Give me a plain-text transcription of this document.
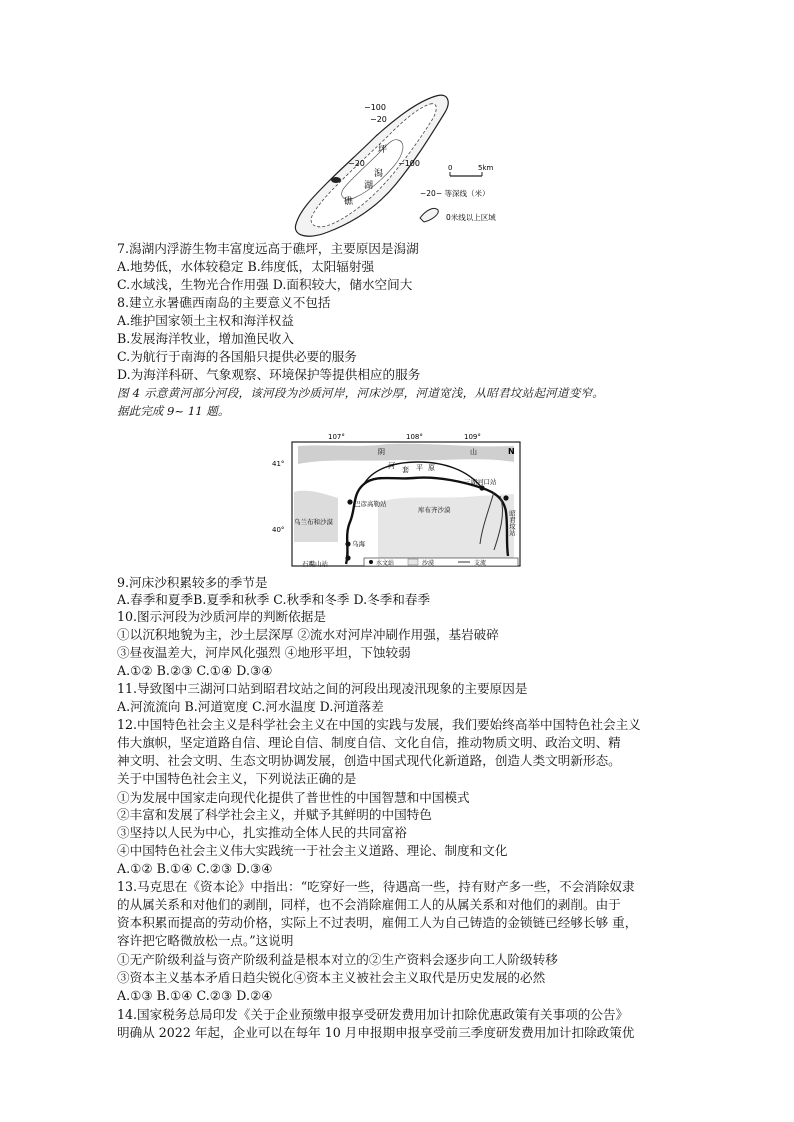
−100
−20
−100
−20
坪
潟
湖
礁
0	5km
−20− 等深线（米）
0米线以上区域
7.潟湖内浮游生物丰富度远高于礁坪，主要原因是潟湖
A.地势低，水体较稳定 B.纬度低，太阳辐射强
C.水域浅，生物光合作用强 D.面积较大，储水空间大
8.建立永暑礁西南岛的主要意义不包括
A.维护国家领土主权和海洋权益
B.发展海洋牧业，增加渔民收入
C.为航行于南海的各国船只提供必要的服务
D.为海洋科研、气象观察、环境保护等提供相应的服务
图 4 示意黄河部分河段，该河段为沙质河岸，河床沙厚，河道宽浅，从昭君坟站起河道变窄。
据此完成 9~ 11 题。
107°	108°	109°
41°
40°
阴	山
河 套 平 原
N
三湖河口站
昭君坟站
巴彦高勒站
库布齐沙漠
乌兰布和沙漠
乌海
石嘴山站	水文站	沙漠	支流
9.河床沙积累较多的季节是
A.春季和夏季B.夏季和秋季 C.秋季和冬季 D.冬季和春季
10.图示河段为沙质河岸的判断依据是
①以沉积地貌为主，沙土层深厚 ②流水对河岸冲刷作用强，基岩破碎
③昼夜温差大，河岸风化强烈 ④地形平坦，下蚀较弱
A.①② B.②③ C.①④ D.③④
11.导致图中三湖河口站到昭君坟站之间的河段出现凌汛现象的主要原因是
A.河流流向 B.河道宽度 C.河水温度 D.河道落差
12.中国特色社会主义是科学社会主义在中国的实践与发展，我们要始终高举中国特色社会主义
伟大旗帜，坚定道路自信、理论自信、制度自信、文化自信，推动物质文明、政治文明、精
神文明、社会文明、生态文明协调发展，创造中国式现代化新道路，创造人类文明新形态。
关于中国特色社会主义，下列说法正确的是
①为发展中国家走向现代化提供了普世性的中国智慧和中国模式
②丰富和发展了科学社会主义，并赋予其鲜明的中国特色
③坚持以人民为中心，扎实推动全体人民的共同富裕
④中国特色社会主义伟大实践统一于社会主义道路、理论、制度和文化
A.①② B.①④ C.②③ D.③④
13.马克思在《资本论》中指出：“吃穿好一些，待遇高一些，持有财产多一些，不会消除奴隶
的从属关系和对他们的剥削，同样，也不会消除雇佣工人的从属关系和对他们的剥削。由于
资本积累而提高的劳动价格，实际上不过表明，雇佣工人为自己铸造的金锁链已经够长够 重，
容许把它略微放松一点。”这说明
①无产阶级利益与资产阶级利益是根本对立的②生产资料会逐步向工人阶级转移
③资本主义基本矛盾日趋尖锐化④资本主义被社会主义取代是历史发展的必然
A.①③ B.①④ C.②③ D.②④
14.国家税务总局印发《关于企业预缴申报享受研发费用加计扣除优惠政策有关事项的公告》
明确从 2022 年起，企业可以在每年 10 月申报期申报享受前三季度研发费用加计扣除政策优
